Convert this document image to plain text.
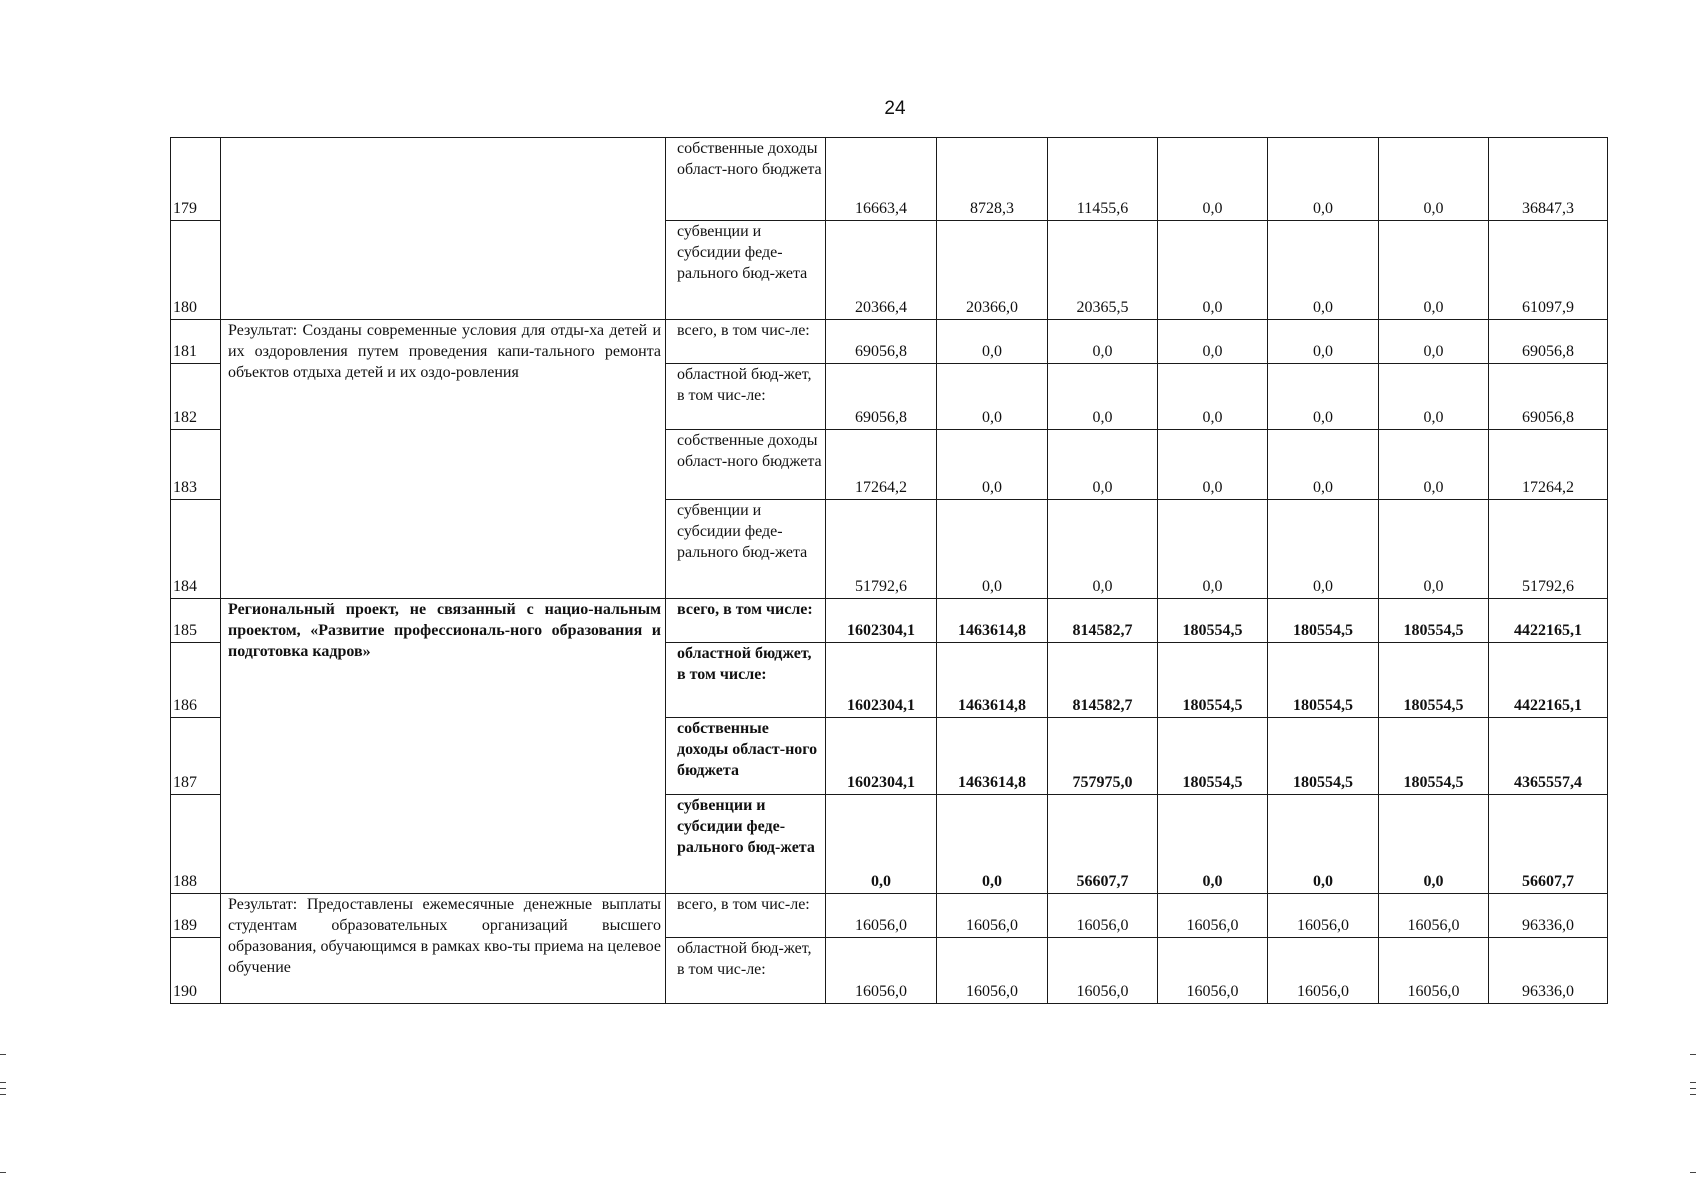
24
179		собственные доходы област-ного бюджета	16663,4	8728,3	11455,6	0,0	0,0	0,0	36847,3
180		субвенции и субсидии феде-рального бюд-жета	20366,4	20366,0	20365,5	0,0	0,0	0,0	61097,9
181	Результат: Созданы современные условия для отды-ха детей и их оздоровления путем проведения капи-тального ремонта объектов отдыха детей и их оздо-ровления	всего, в том чис-ле:	69056,8	0,0	0,0	0,0	0,0	0,0	69056,8
182		областной бюд-жет, в том чис-ле:	69056,8	0,0	0,0	0,0	0,0	0,0	69056,8
183		собственные доходы област-ного бюджета	17264,2	0,0	0,0	0,0	0,0	0,0	17264,2
184		субвенции и субсидии феде-рального бюд-жета	51792,6	0,0	0,0	0,0	0,0	0,0	51792,6
185	Региональный проект, не связанный с нацио-нальным проектом, «Развитие профессиональ-ного образования и подготовка кадров»	всего, в том числе:	1602304,1	1463614,8	814582,7	180554,5	180554,5	180554,5	4422165,1
186		областной бюджет, в том числе:	1602304,1	1463614,8	814582,7	180554,5	180554,5	180554,5	4422165,1
187		собственные доходы област-ного бюджета	1602304,1	1463614,8	757975,0	180554,5	180554,5	180554,5	4365557,4
188		субвенции и субсидии феде-рального бюд-жета	0,0	0,0	56607,7	0,0	0,0	0,0	56607,7
189	Результат: Предоставлены ежемесячные денежные выплаты студентам образовательных организаций высшего образования, обучающимся в рамках кво-ты приема на целевое обучение	всего, в том чис-ле:	16056,0	16056,0	16056,0	16056,0	16056,0	16056,0	96336,0
190		областной бюд-жет, в том чис-ле:	16056,0	16056,0	16056,0	16056,0	16056,0	16056,0	96336,0
